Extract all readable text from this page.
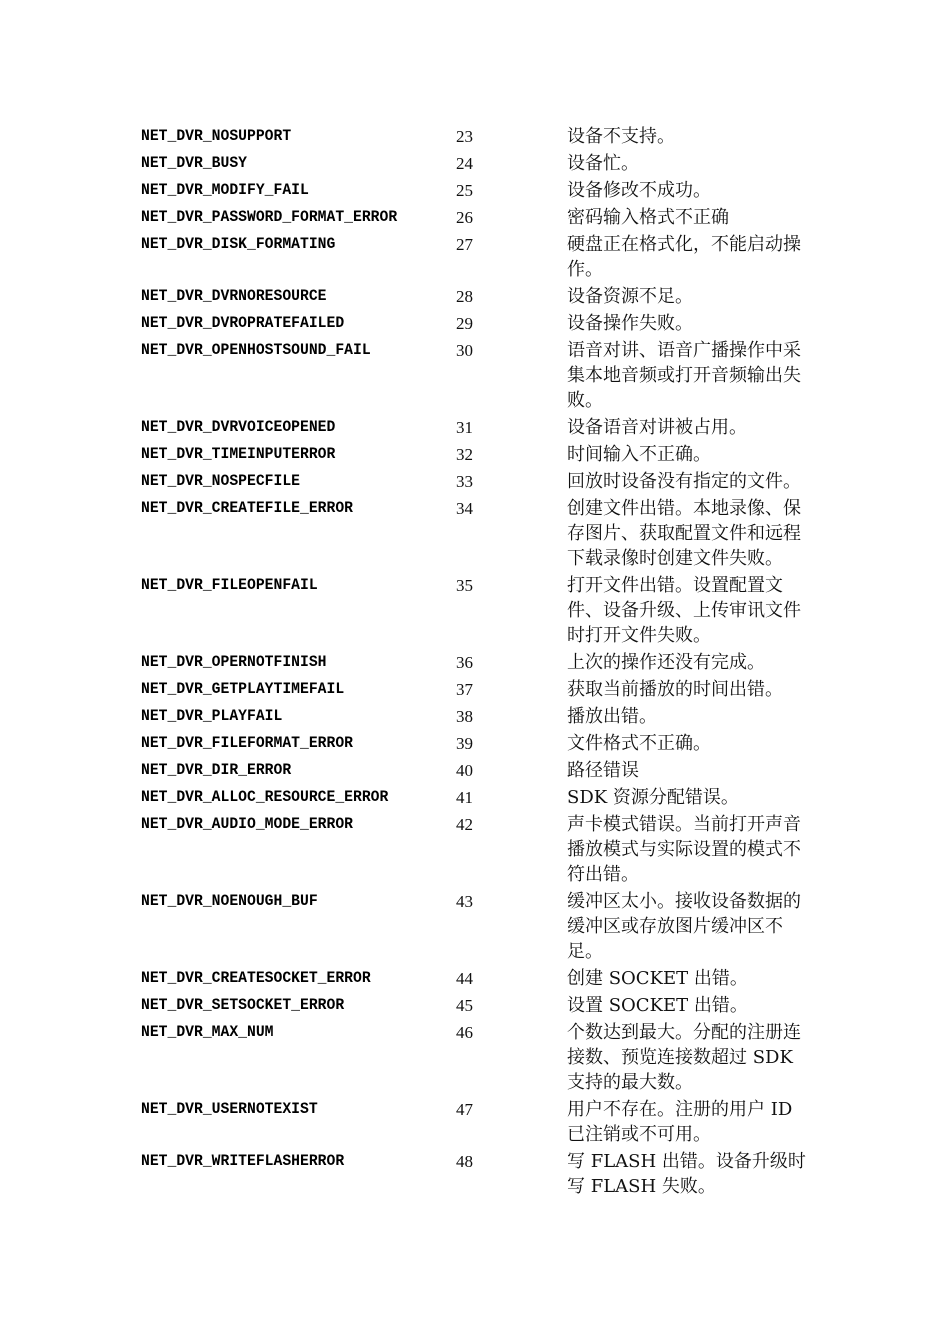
NET_DVR_NOSUPPORT	23	设备不支持。
NET_DVR_BUSY	24	设备忙。
NET_DVR_MODIFY_FAIL	25	设备修改不成功。
NET_DVR_PASSWORD_FORMAT_ERROR	26	密码输入格式不正确
NET_DVR_DISK_FORMATING	27	硬盘正在格式化，不能启动操作。
NET_DVR_DVRNORESOURCE	28	设备资源不足。
NET_DVR_DVROPRATEFAILED	29	设备操作失败。
NET_DVR_OPENHOSTSOUND_FAIL	30	语音对讲、语音广播操作中采集本地音频或打开音频输出失败。
NET_DVR_DVRVOICEOPENED	31	设备语音对讲被占用。
NET_DVR_TIMEINPUTERROR	32	时间输入不正确。
NET_DVR_NOSPECFILE	33	回放时设备没有指定的文件。
NET_DVR_CREATEFILE_ERROR	34	创建文件出错。本地录像、保存图片、获取配置文件和远程下载录像时创建文件失败。
NET_DVR_FILEOPENFAIL	35	打开文件出错。设置配置文件、设备升级、上传审讯文件时打开文件失败。
NET_DVR_OPERNOTFINISH	36	上次的操作还没有完成。
NET_DVR_GETPLAYTIMEFAIL	37	获取当前播放的时间出错。
NET_DVR_PLAYFAIL	38	播放出错。
NET_DVR_FILEFORMAT_ERROR	39	文件格式不正确。
NET_DVR_DIR_ERROR	40	路径错误
NET_DVR_ALLOC_RESOURCE_ERROR	41	SDK 资源分配错误。
NET_DVR_AUDIO_MODE_ERROR	42	声卡模式错误。当前打开声音播放模式与实际设置的模式不符出错。
NET_DVR_NOENOUGH_BUF	43	缓冲区太小。接收设备数据的缓冲区或存放图片缓冲区不足。
NET_DVR_CREATESOCKET_ERROR	44	创建 SOCKET 出错。
NET_DVR_SETSOCKET_ERROR	45	设置 SOCKET 出错。
NET_DVR_MAX_NUM	46	个数达到最大。分配的注册连接数、预览连接数超过 SDK 支持的最大数。
NET_DVR_USERNOTEXIST	47	用户不存在。注册的用户 ID 已注销或不可用。
NET_DVR_WRITEFLASHERROR	48	写 FLASH 出错。设备升级时写 FLASH 失败。
